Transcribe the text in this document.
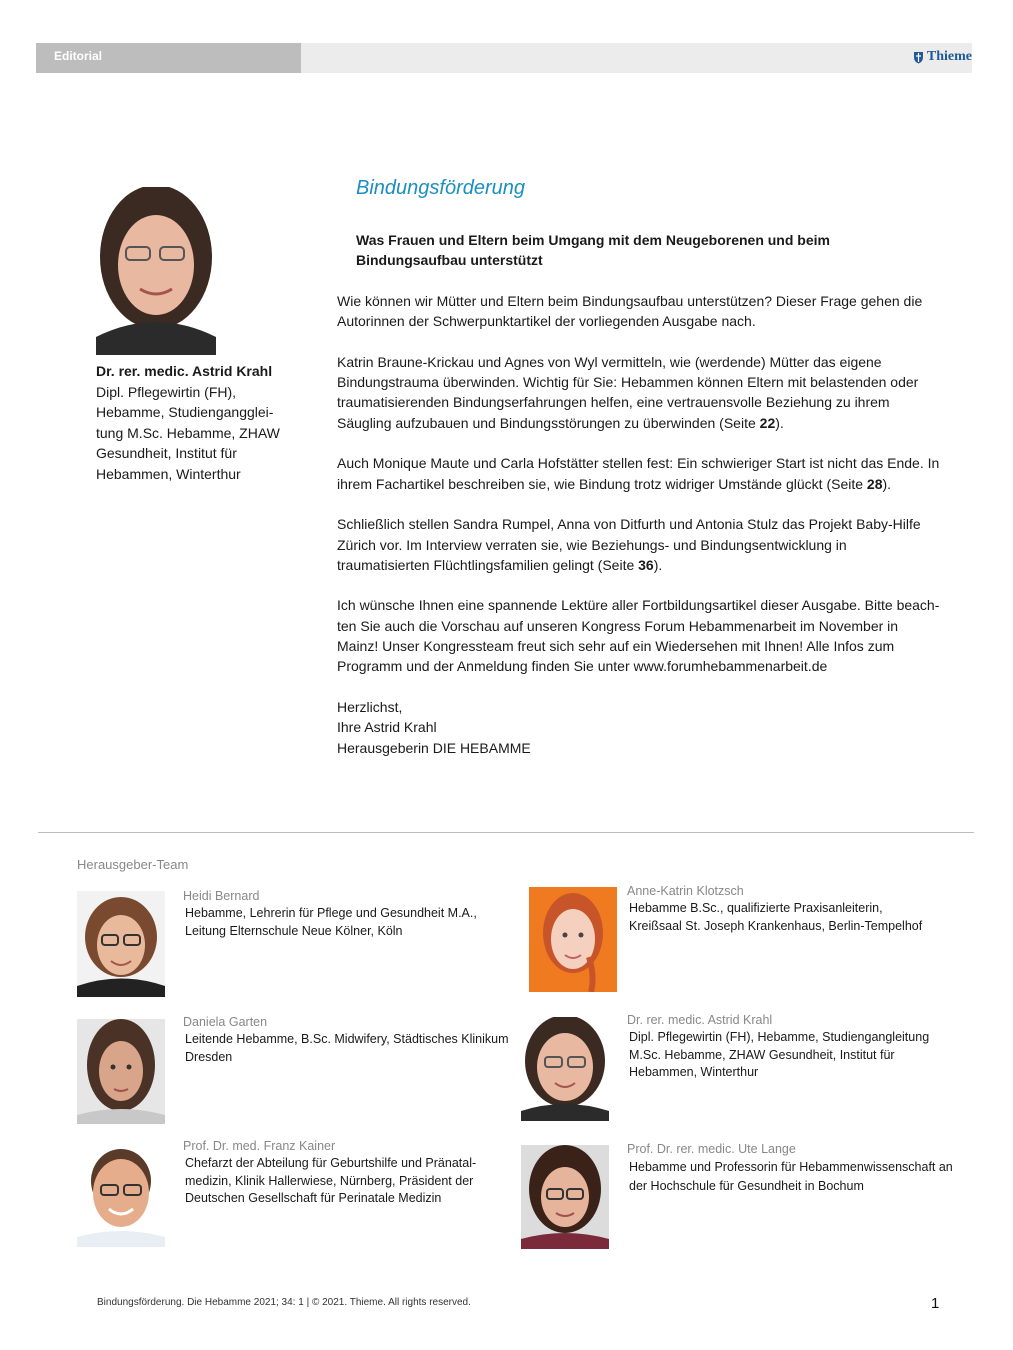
Editorial	Thieme
Dr. rer. medic. Astrid Krahl
Dipl. Pflegewirtin (FH),
Hebamme, Studiengangglei-
tung M.Sc. Hebamme, ZHAW
Gesundheit, Institut für
Hebammen, Winterthur
Bindungsförderung
Was Frauen und Eltern beim Umgang mit dem Neugeborenen und beim Bindungsaufbau unterstützt

Wie können wir Mütter und Eltern beim Bindungsaufbau unterstützen? Dieser Frage gehen die Autorinnen der Schwerpunktartikel der vorliegenden Ausgabe nach.

Katrin Braune-Krickau und Agnes von Wyl vermitteln, wie (werdende) Mütter das eigene Bindungstrauma überwinden. Wichtig für Sie: Hebammen können Eltern mit belastenden oder traumatisierenden Bindungserfahrungen helfen, eine vertrauensvolle Beziehung zu ihrem Säugling aufzubauen und Bindungsstörungen zu überwinden (Seite 22).

Auch Monique Maute und Carla Hofstätter stellen fest: Ein schwieriger Start ist nicht das Ende. In ihrem Fachartikel beschreiben sie, wie Bindung trotz widriger Umstände glückt (Seite 28).

Schließlich stellen Sandra Rumpel, Anna von Ditfurth und Antonia Stulz das Projekt Baby-Hilfe Zürich vor. Im Interview verraten sie, wie Beziehungs- und Bindungsentwicklung in traumatisierten Flüchtlingsfamilien gelingt (Seite 36).

Ich wünsche Ihnen eine spannende Lektüre aller Fortbildungsartikel dieser Ausgabe. Bitte beachten Sie auch die Vorschau auf unseren Kongress Forum Hebammenarbeit im November in Mainz! Unser Kongressteam freut sich sehr auf ein Wiedersehen mit Ihnen! Alle Infos zum Programm und der Anmeldung finden Sie unter www.forumhebammenarbeit.de

Herzlichst,
Ihre Astrid Krahl
Herausgeberin DIE HEBAMME
Herausgeber-Team
Heidi Bernard
Hebamme, Lehrerin für Pflege und Gesundheit M.A.,
Leitung Elternschule Neue Kölner, Köln
Anne-Katrin Klotzsch
Hebamme B.Sc., qualifizierte Praxisanleiterin,
Kreißsaal St. Joseph Krankenhaus, Berlin-Tempelhof
Daniela Garten
Leitende Hebamme, B.Sc. Midwifery, Städtisches Klinikum
Dresden
Dr. rer. medic. Astrid Krahl
Dipl. Pflegewirtin (FH), Hebamme, Studiengangleitung
M.Sc. Hebamme, ZHAW Gesundheit, Institut für
Hebammen, Winterthur
Prof. Dr. med. Franz Kainer
Chefarzt der Abteilung für Geburtshilfe und Pränatal-
medizin, Klinik Hallerwiese, Nürnberg, Präsident der
Deutschen Gesellschaft für Perinatale Medizin
Prof. Dr. rer. medic. Ute Lange
Hebamme und Professorin für Hebammenwissenschaft an
der Hochschule für Gesundheit in Bochum
Bindungsförderung. Die Hebamme 2021; 34: 1 | © 2021. Thieme. All rights reserved.	1
